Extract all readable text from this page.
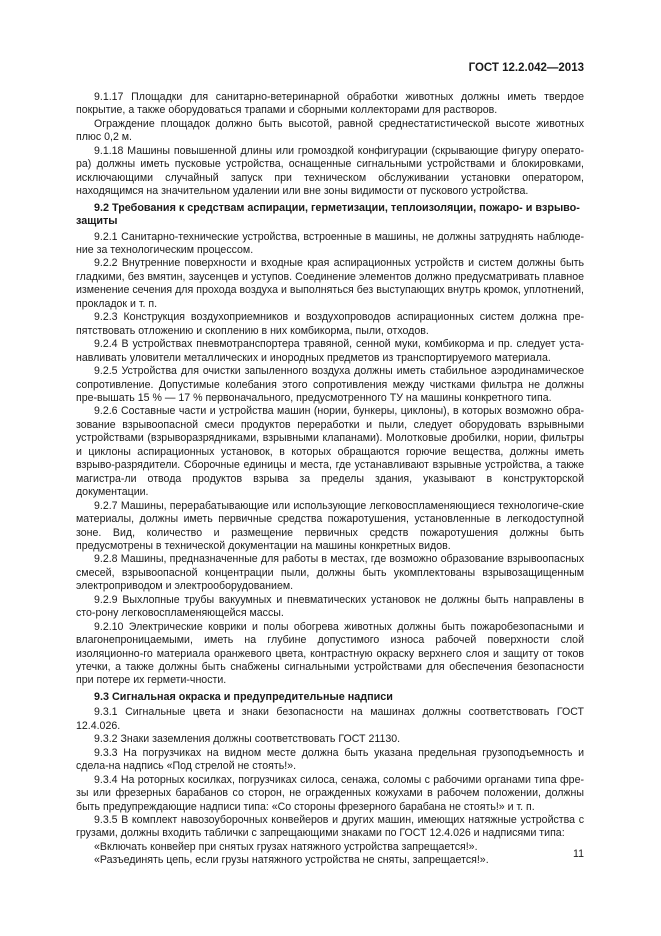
ГОСТ 12.2.042—2013

9.1.17 Площадки для санитарно-ветеринарной обработки животных должны иметь твердое покрытие, а также оборудоваться трапами и сборными коллекторами для растворов.

Ограждение площадок должно быть высотой, равной среднестатистической высоте животных плюс 0,2 м.

9.1.18 Машины повышенной длины или громоздкой конфигурации (скрывающие фигуру операто-ра) должны иметь пусковые устройства, оснащенные сигнальными устройствами и блокировками, исключающими случайный запуск при техническом обслуживании установки оператором, находящимся на значительном удалении или вне зоны видимости от пускового устройства.

9.2 Требования к средствам аспирации, герметизации, теплоизоляции, пожаро- и взрыво-защиты

9.2.1 Санитарно-технические устройства, встроенные в машины, не должны затруднять наблюде-ние за технологическим процессом.

9.2.2 Внутренние поверхности и входные края аспирационных устройств и систем должны быть гладкими, без вмятин, заусенцев и уступов. Соединение элементов должно предусматривать плавное изменение сечения для прохода воздуха и выполняться без выступающих внутрь кромок, уплотнений, прокладок и т. п.

9.2.3 Конструкция воздухоприемников и воздухопроводов аспирационных систем должна пре-пятствовать отложению и скоплению в них комбикорма, пыли, отходов.

9.2.4 В устройствах пневмотранспортера травяной, сенной муки, комбикорма и пр. следует уста-навливать уловители металлических и инородных предметов из транспортируемого материала.

9.2.5 Устройства для очистки запыленного воздуха должны иметь стабильное аэродинамическое сопротивление. Допустимые колебания этого сопротивления между чистками фильтра не должны пре-вышать 15 % — 17 % первоначального, предусмотренного ТУ на машины конкретного типа.

9.2.6 Составные части и устройства машин (нории, бункеры, циклоны), в которых возможно обра-зование взрывоопасной смеси продуктов переработки и пыли, следует оборудовать взрывными устройствами (взрыворазрядниками, взрывными клапанами). Молотковые дробилки, нории, фильтры и циклоны аспирационных установок, в которых обращаются горючие вещества, должны иметь взрыво-разрядители. Сборочные единицы и места, где устанавливают взрывные устройства, а также магистра-ли отвода продуктов взрыва за пределы здания, указывают в конструкторской документации.

9.2.7 Машины, перерабатывающие или использующие легковоспламеняющиеся технологиче-ские материалы, должны иметь первичные средства пожаротушения, установленные в легкодоступной зоне. Вид, количество и размещение первичных средств пожаротушения должны быть предусмотрены в технической документации на машины конкретных видов.

9.2.8 Машины, предназначенные для работы в местах, где возможно образование взрывоопасных смесей, взрывоопасной концентрации пыли, должны быть укомплектованы взрывозащищенным электроприводом и электрооборудованием.

9.2.9 Выхлопные трубы вакуумных и пневматических установок не должны быть направлены в сто-рону легковоспламеняющейся массы.

9.2.10 Электрические коврики и полы обогрева животных должны быть пожаробезопасными и влагонепроницаемыми, иметь на глубине допустимого износа рабочей поверхности слой изоляционно-го материала оранжевого цвета, контрастную окраску верхнего слоя и защиту от токов утечки, а также должны быть снабжены сигнальными устройствами для обеспечения безопасности при потере их гермети-чности.

9.3 Сигнальная окраска и предупредительные надписи

9.3.1 Сигнальные цвета и знаки безопасности на машинах должны соответствовать ГОСТ 12.4.026.

9.3.2 Знаки заземления должны соответствовать ГОСТ 21130.

9.3.3 На погрузчиках на видном месте должна быть указана предельная грузоподъемность и сдела-на надпись «Под стрелой не стоять!».

9.3.4 На роторных косилках, погрузчиках силоса, сенажа, соломы с рабочими органами типа фре-зы или фрезерных барабанов со сторон, не огражденных кожухами в рабочем положении, должны быть предупреждающие надписи типа: «Со стороны фрезерного барабана не стоять!» и т. п.

9.3.5 В комплект навозоуборочных конвейеров и других машин, имеющих натяжные устройства с грузами, должны входить таблички с запрещающими знаками по ГОСТ 12.4.026 и надписями типа:

«Включать конвейер при снятых грузах натяжного устройства запрещается!».

«Разъединять цепь, если грузы натяжного устройства не сняты, запрещается!».

11
